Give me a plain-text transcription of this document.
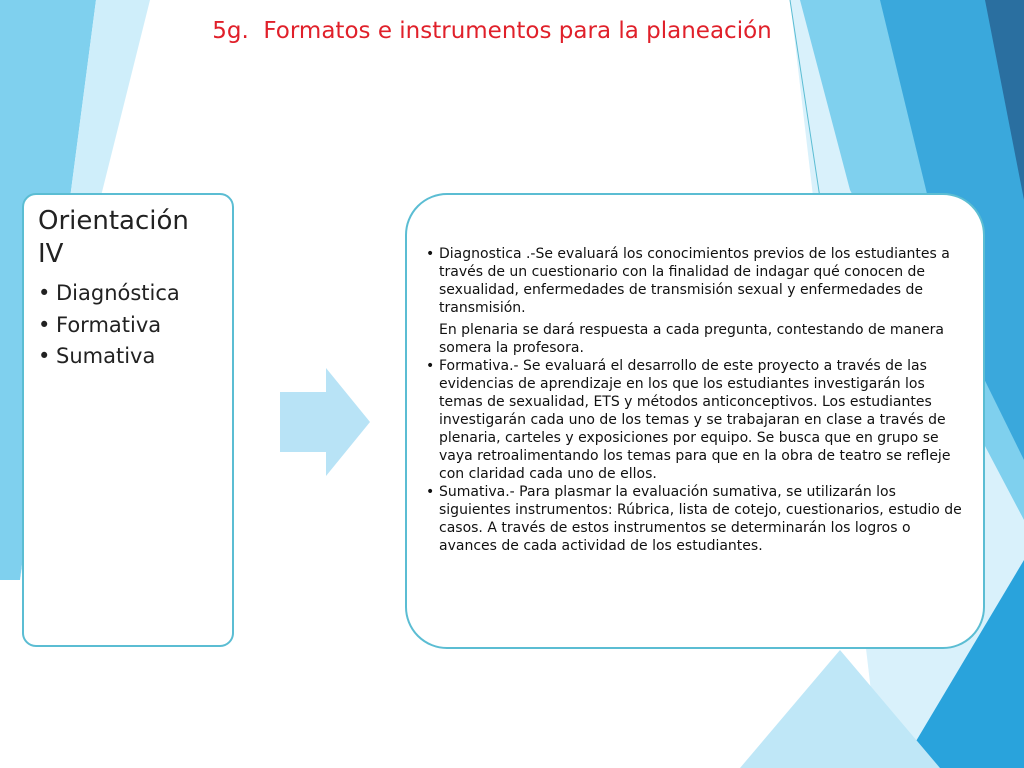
5g.  Formatos e instrumentos para la planeación
Orientación IV
• Diagnóstica
• Formativa
• Sumativa
• Diagnostica .-Se evaluará los conocimientos previos de los estudiantes a través de un cuestionario con la finalidad de indagar qué conocen de sexualidad, enfermedades de transmisión sexual y enfermedades de transmisión.
En plenaria se dará respuesta a cada pregunta, contestando de manera somera la profesora.
• Formativa.- Se evaluará el desarrollo de este proyecto a través de las evidencias de aprendizaje en los que los estudiantes investigarán los temas de sexualidad, ETS y métodos anticonceptivos. Los estudiantes investigarán cada uno de los temas y se trabajaran en clase a través de plenaria, carteles y exposiciones por equipo. Se busca que en grupo se vaya retroalimentando los temas para que en la obra de teatro se refleje con claridad cada uno de ellos.
• Sumativa.- Para plasmar la evaluación sumativa, se utilizarán los siguientes instrumentos: Rúbrica, lista de cotejo, cuestionarios, estudio de casos. A través de estos instrumentos se determinarán los logros o avances de cada actividad de los estudiantes.
